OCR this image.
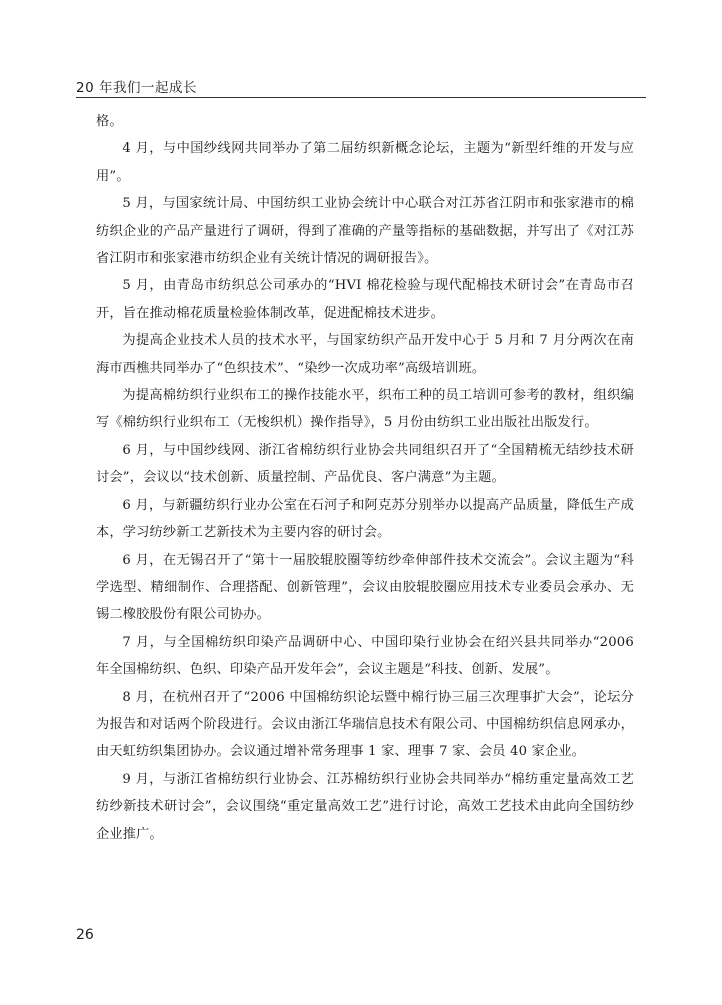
20 年我们一起成长

格。

4 月，与中国纱线网共同举办了第二届纺织新概念论坛，主题为“新型纤维的开发与应用”。

5 月，与国家统计局、中国纺织工业协会统计中心联合对江苏省江阴市和张家港市的棉纺织企业的产品产量进行了调研，得到了准确的产量等指标的基础数据，并写出了《对江苏省江阴市和张家港市纺织企业有关统计情况的调研报告》。

5 月，由青岛市纺织总公司承办的“HVI 棉花检验与现代配棉技术研讨会”在青岛市召开，旨在推动棉花质量检验体制改革，促进配棉技术进步。

为提高企业技术人员的技术水平，与国家纺织产品开发中心于 5 月和 7 月分两次在南海市西樵共同举办了“色织技术”、“染纱一次成功率”高级培训班。

为提高棉纺织行业织布工的操作技能水平，织布工种的员工培训可参考的教材，组织编写《棉纺织行业织布工（无梭织机）操作指导》，5 月份由纺织工业出版社出版发行。

6 月，与中国纱线网、浙江省棉纺织行业协会共同组织召开了“全国精梳无结纱技术研讨会”，会议以“技术创新、质量控制、产品优良、客户满意”为主题。

6 月，与新疆纺织行业办公室在石河子和阿克苏分别举办以提高产品质量，降低生产成本，学习纺纱新工艺新技术为主要内容的研讨会。

6 月，在无锡召开了“第十一届胶辊胶圈等纺纱牵伸部件技术交流会”。会议主题为“科学选型、精细制作、合理搭配、创新管理”，会议由胶辊胶圈应用技术专业委员会承办、无锡二橡胶股份有限公司协办。

7 月，与全国棉纺织印染产品调研中心、中国印染行业协会在绍兴县共同举办“2006 年全国棉纺织、色织、印染产品开发年会”，会议主题是“科技、创新、发展”。

8 月，在杭州召开了“2006 中国棉纺织论坛暨中棉行协三届三次理事扩大会”，论坛分为报告和对话两个阶段进行。会议由浙江华瑞信息技术有限公司、中国棉纺织信息网承办，由天虹纺织集团协办。会议通过增补常务理事 1 家、理事 7 家、会员 40 家企业。

9 月，与浙江省棉纺织行业协会、江苏棉纺织行业协会共同举办“棉纺重定量高效工艺纺纱新技术研讨会”，会议围绕“重定量高效工艺”进行讨论，高效工艺技术由此向全国纺纱企业推广。

26
